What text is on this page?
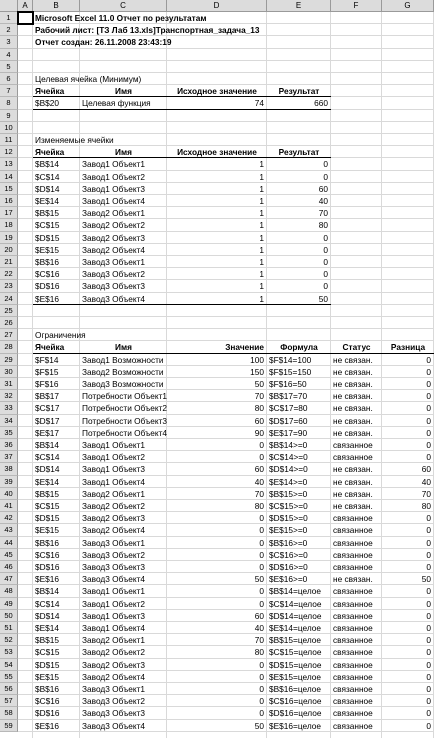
A	B	C	D	E	F	G
1
2
3
4
5
6
7
8
9
10
11
12
13
14
15
16
17
18
19
20
21
22
23
24
25
26
27
28
29
30
31
32
33
34
35
36
37
38
39
40
41
42
43
44
45
46
47
48
49
50
51
52
53
54
55
56
57
58
59
Microsoft Excel 11.0 Отчет по результатам
Рабочий лист: [ТЗ Лаб 13.xls]Транспортная_задача_13
Отчет создан: 26.11.2008 23:43:19
Целевая ячейка (Минимум)
Ячейка	Имя	Исходное значение	Результат
$B$20	Целевая функция	74	660
Изменяемые ячейки
Ячейка	Имя	Исходное значение	Результат
$B$14	Завод1 Объект1	1	0
$C$14	Завод1 Объект2	1	0
$D$14	Завод1 Объект3	1	60
$E$14	Завод1 Объект4	1	40
$B$15	Завод2 Объект1	1	70
$C$15	Завод2 Объект2	1	80
$D$15	Завод2 Объект3	1	0
$E$15	Завод2 Объект4	1	0
$B$16	Завод3 Объект1	1	0
$C$16	Завод3 Объект2	1	0
$D$16	Завод3 Объект3	1	0
$E$16	Завод3 Объект4	1	50
Ограничения
Ячейка	Имя	Значение	Формула	Статус	Разница
$F$14	Завод1 Возможности	100 $F$14=100	не связан.	0
$F$15	Завод2 Возможности	150 $F$15=150	не связан.	0
$F$16	Завод3 Возможности	50 $F$16=50	не связан.	0
$B$17	Потребности Объект1	70 $B$17=70	не связан.	0
$C$17	Потребности Объект2	80 $C$17=80	не связан.	0
$D$17	Потребности Объект3	60 $D$17=60	не связан.	0
$E$17	Потребности Объект4	90 $E$17=90	не связан.	0
$B$14	Завод1 Объект1	0 $B$14>=0	связанное	0
$C$14	Завод1 Объект2	0 $C$14>=0	связанное	0
$D$14	Завод1 Объект3	60 $D$14>=0	не связан.	60
$E$14	Завод1 Объект4	40 $E$14>=0	не связан.	40
$B$15	Завод2 Объект1	70 $B$15>=0	не связан.	70
$C$15	Завод2 Объект2	80 $C$15>=0	не связан.	80
$D$15	Завод2 Объект3	0 $D$15>=0	связанное	0
$E$15	Завод2 Объект4	0 $E$15>=0	связанное	0
$B$16	Завод3 Объект1	0 $B$16>=0	связанное	0
$C$16	Завод3 Объект2	0 $C$16>=0	связанное	0
$D$16	Завод3 Объект3	0 $D$16>=0	связанное	0
$E$16	Завод3 Объект4	50 $E$16>=0	не связан.	50
$B$14	Завод1 Объект1	0 $B$14=целое связанное	0
$C$14	Завод1 Объект2	0 $C$14=целое связанное	0
$D$14	Завод1 Объект3	60 $D$14=целое связанное	0
$E$14	Завод1 Объект4	40 $E$14=целое связанное	0
$B$15	Завод2 Объект1	70 $B$15=целое связанное	0
$C$15	Завод2 Объект2	80 $C$15=целое связанное	0
$D$15	Завод2 Объект3	0 $D$15=целое связанное	0
$E$15	Завод2 Объект4	0 $E$15=целое связанное	0
$B$16	Завод3 Объект1	0 $B$16=целое связанное	0
$C$16	Завод3 Объект2	0 $C$16=целое связанное	0
$D$16	Завод3 Объект3	0 $D$16=целое связанное	0
$E$16	Завод3 Объект4	50 $E$16=целое связанное	0
